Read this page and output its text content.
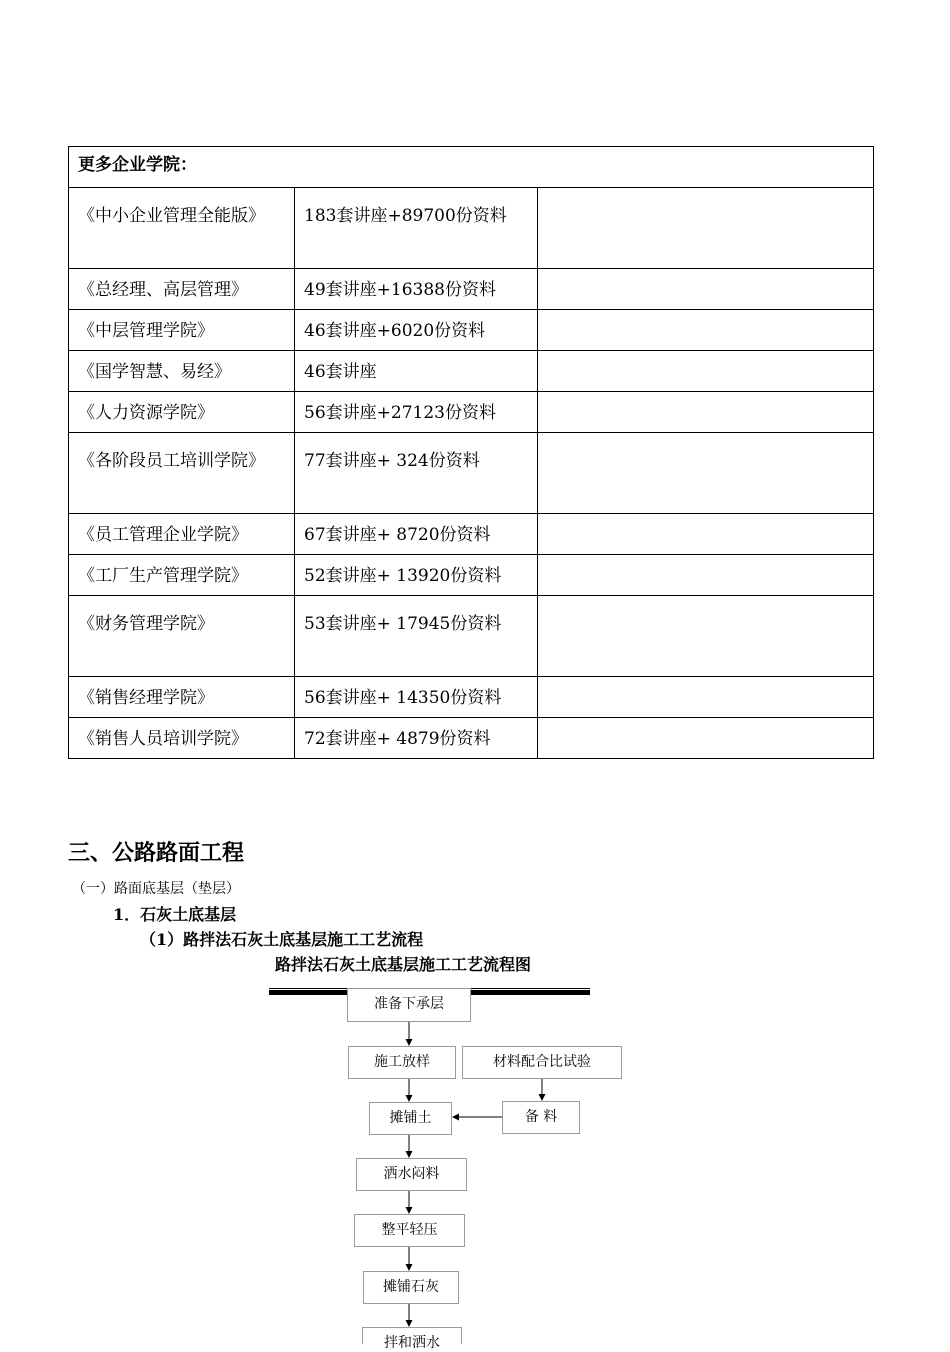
更多企业学院：		
《中小企业管理全能版》	183套讲座+89700份资料	
《总经理、高层管理》	49套讲座+16388份资料	
《中层管理学院》	46套讲座+6020份资料	
《国学智慧、易经》	46套讲座	
《人力资源学院》	56套讲座+27123份资料	
《各阶段员工培训学院》	77套讲座+ 324份资料	
《员工管理企业学院》	67套讲座+ 8720份资料	
《工厂生产管理学院》	52套讲座+ 13920份资料	
《财务管理学院》	53套讲座+ 17945份资料	
《销售经理学院》	56套讲座+ 14350份资料	
《销售人员培训学院》	72套讲座+ 4879份资料	
三、公路路面工程
（一）路面底基层（垫层）
1．石灰土底基层
（1）路拌法石灰土底基层施工工艺流程
路拌法石灰土底基层施工工艺流程图
准备下承层
施工放样	材料配合比试验
摊铺土	备 料
洒水闷料
整平轻压
摊铺石灰
拌和洒水
